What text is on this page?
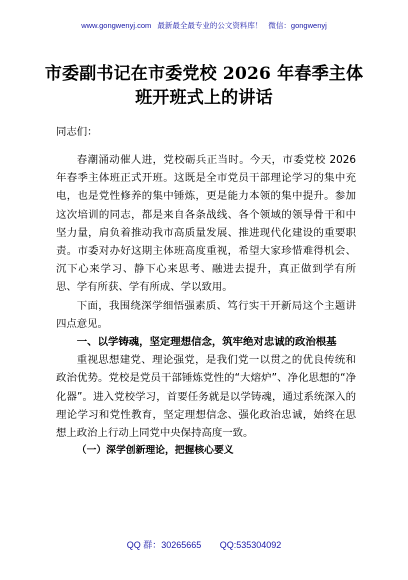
www.gongwenyj.com 最新最全最专业的公文资料库！ 微信：gongwenyj
市委副书记在市委党校 2026 年春季主体
班开班式上的讲话
同志们：

春潮涌动催人进，党校砺兵正当时。今天，市委党校 2026 年春季主体班正式开班。这既是全市党员干部理论学习的集中充电，也是党性修养的集中锤炼，更是能力本领的集中提升。参加这次培训的同志，都是来自各条战线、各个领域的领导骨干和中坚力量，肩负着推动我市高质量发展、推进现代化建设的重要职责。市委对办好这期主体班高度重视，希望大家珍惜难得机会、沉下心来学习、静下心来思考、融进去提升，真正做到学有所思、学有所获、学有所成、学以致用。

下面，我围绕深学细悟强素质、笃行实干开新局这个主题讲四点意见。

一、以学铸魂，坚定理想信念，筑牢绝对忠诚的政治根基

重视思想建党、理论强党，是我们党一以贯之的优良传统和政治优势。党校是党员干部锤炼党性的“大熔炉”、净化思想的“净化器”。进入党校学习，首要任务就是以学铸魂，通过系统深入的理论学习和党性教育，坚定理想信念、强化政治忠诚，始终在思想上政治上行动上同党中央保持高度一致。

（一）深学创新理论，把握核心要义

QQ 群：30265665 QQ:535304092
